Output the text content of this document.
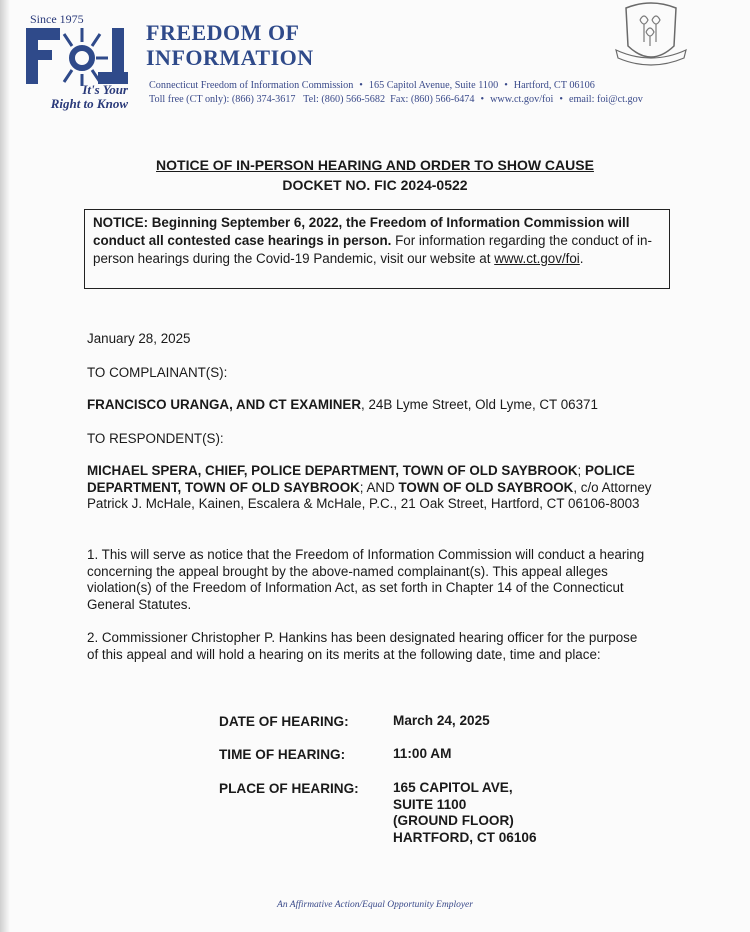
Since 1975
It's Your
Right to Know
FREEDOM OF
INFORMATION
Connecticut Freedom of Information Commission • 165 Capitol Avenue, Suite 1100 • Hartford, CT 06106
Toll free (CT only): (866) 374-3617 Tel: (860) 566-5682 Fax: (860) 566-6474 • www.ct.gov/foi • email: foi@ct.gov
NOTICE OF IN-PERSON HEARING AND ORDER TO SHOW CAUSE
DOCKET NO. FIC 2024-0522
NOTICE: Beginning September 6, 2022, the Freedom of Information Commission will conduct all contested case hearings in person. For information regarding the conduct of in-person hearings during the Covid-19 Pandemic, visit our website at www.ct.gov/foi.
January 28, 2025
TO COMPLAINANT(S):
FRANCISCO URANGA, AND CT EXAMINER, 24B Lyme Street, Old Lyme, CT 06371
TO RESPONDENT(S):
MICHAEL SPERA, CHIEF, POLICE DEPARTMENT, TOWN OF OLD SAYBROOK; POLICE DEPARTMENT, TOWN OF OLD SAYBROOK; AND TOWN OF OLD SAYBROOK, c/o Attorney Patrick J. McHale, Kainen, Escalera & McHale, P.C., 21 Oak Street, Hartford, CT 06106-8003
1. This will serve as notice that the Freedom of Information Commission will conduct a hearing concerning the appeal brought by the above-named complainant(s). This appeal alleges violation(s) of the Freedom of Information Act, as set forth in Chapter 14 of the Connecticut General Statutes.
2. Commissioner Christopher P. Hankins has been designated hearing officer for the purpose of this appeal and will hold a hearing on its merits at the following date, time and place:
DATE OF HEARING:	March 24, 2025
TIME OF HEARING:	11:00 AM
PLACE OF HEARING:	165 CAPITOL AVE,
SUITE 1100
(GROUND FLOOR)
HARTFORD, CT 06106
An Affirmative Action/Equal Opportunity Employer
